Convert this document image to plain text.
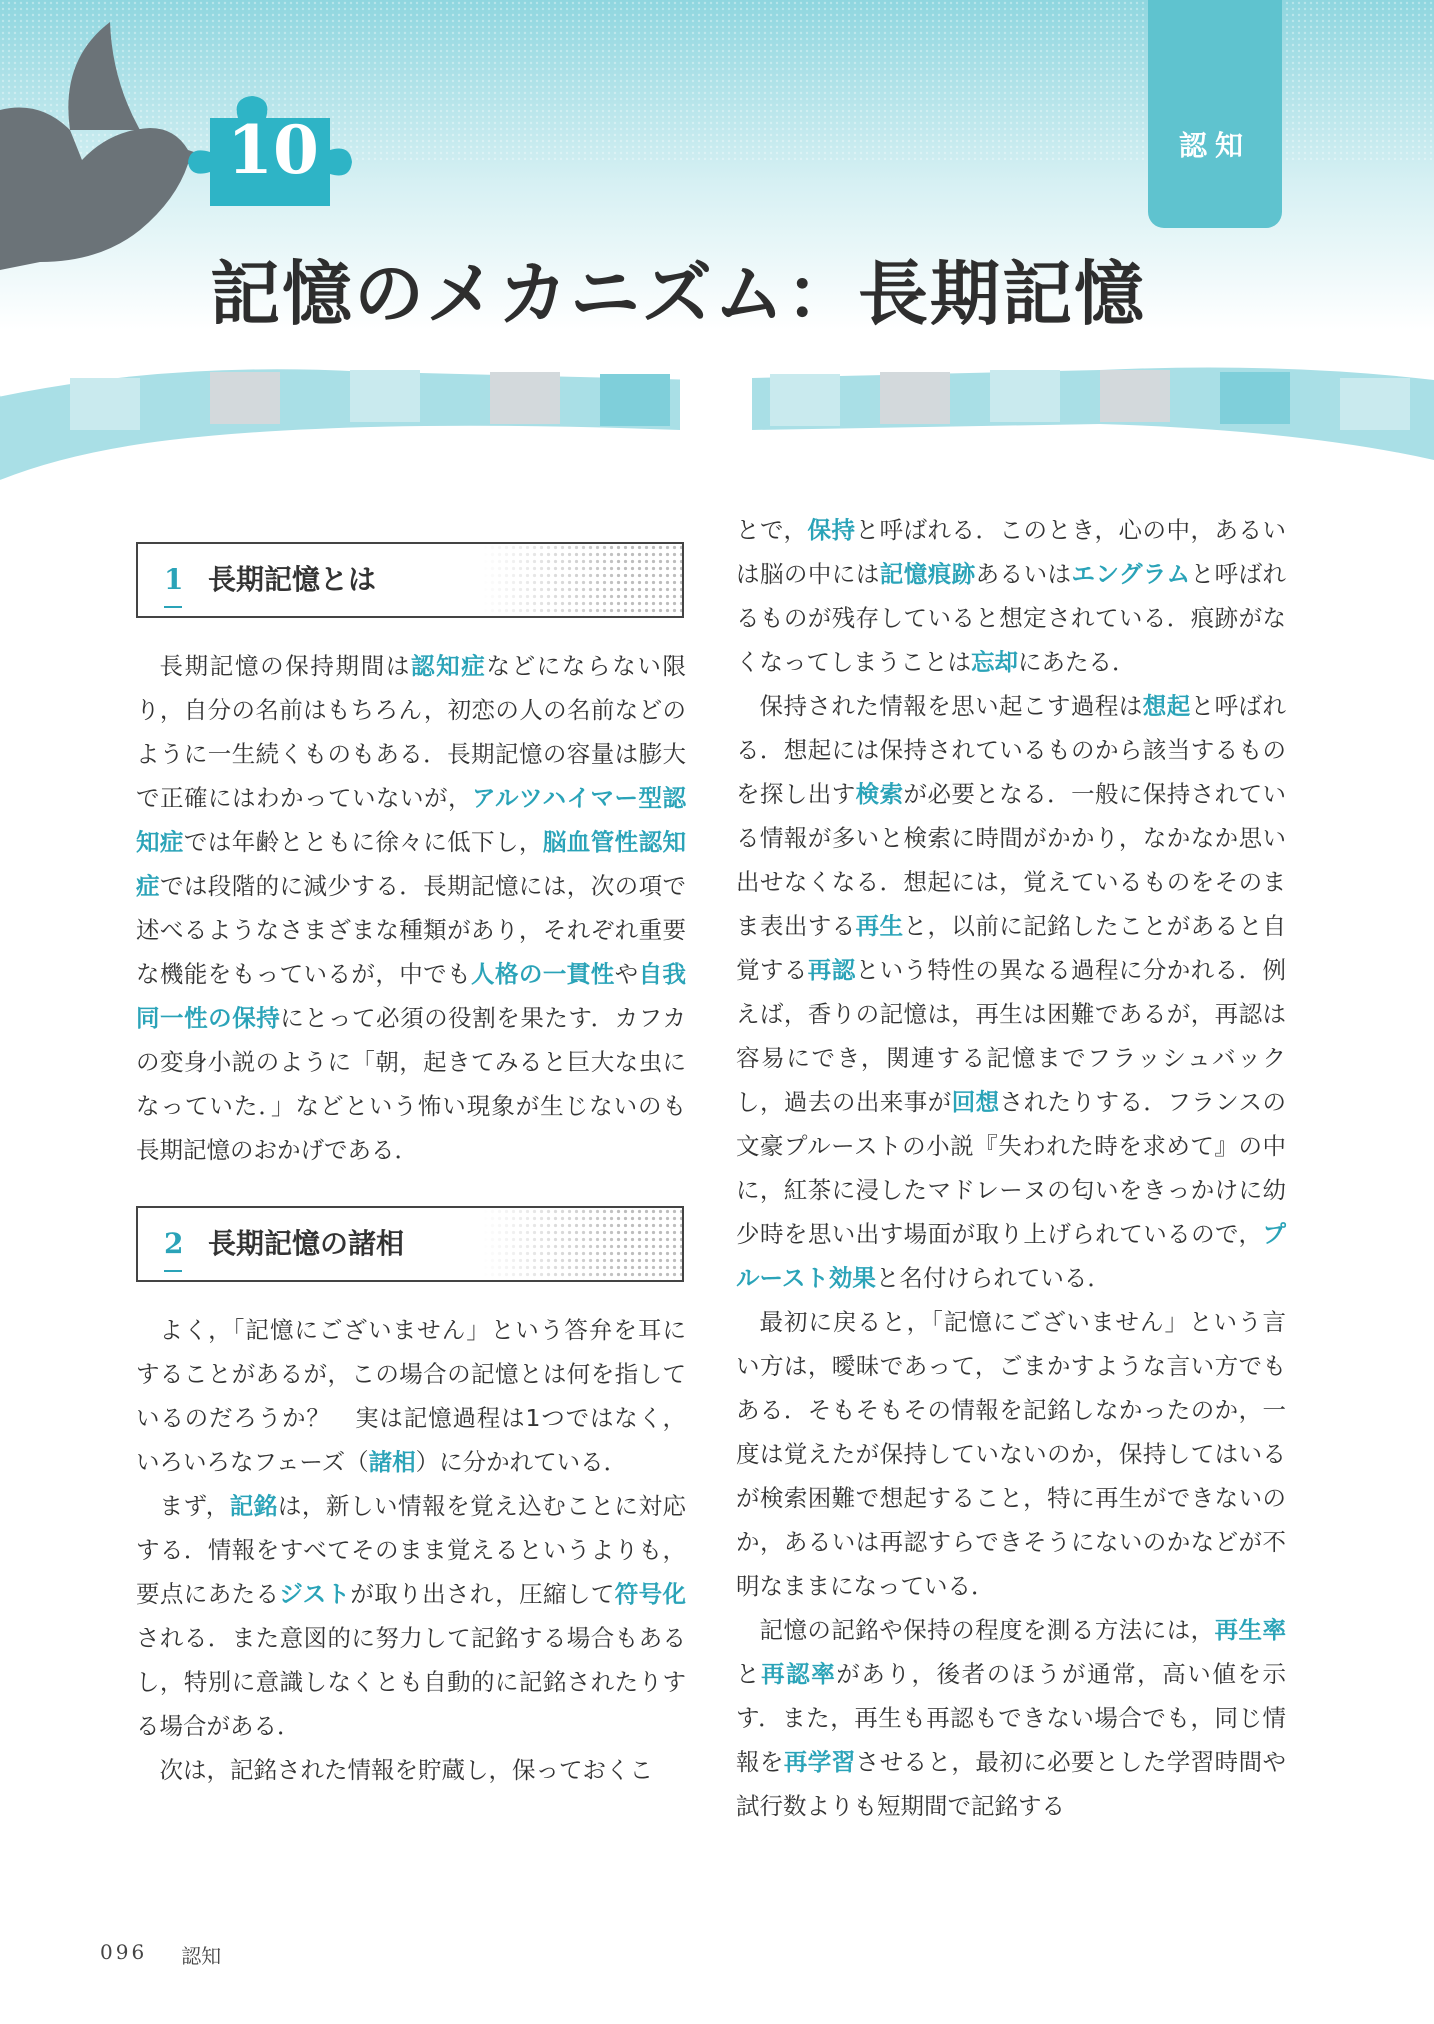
認知
10
記憶のメカニズム：長期記憶
1 長期記憶とは

長期記憶の保持期間は認知症などにならない限り，自分の名前はもちろん，初恋の人の名前などのように一生続くものもある．長期記憶の容量は膨大で正確にはわかっていないが，アルツハイマー型認知症では年齢とともに徐々に低下し，脳血管性認知症では段階的に減少する．長期記憶には，次の項で述べるようなさまざまな種類があり，それぞれ重要な機能をもっているが，中でも人格の一貫性や自我同一性の保持にとって必須の役割を果たす．カフカの変身小説のように「朝，起きてみると巨大な虫になっていた．」などという怖い現象が生じないのも長期記憶のおかげである．

2 長期記憶の諸相

よく，「記憶にございません」という答弁を耳にすることがあるが，この場合の記憶とは何を指しているのだろうか？　実は記憶過程は1つではなく，いろいろなフェーズ（諸相）に分かれている．

まず，記銘は，新しい情報を覚え込むことに対応する．情報をすべてそのまま覚えるというよりも，要点にあたるジストが取り出され，圧縮して符号化される．また意図的に努力して記銘する場合もあるし，特別に意識しなくとも自動的に記銘されたりする場合がある．

次は，記銘された情報を貯蔵し，保っておくこ

とで，保持と呼ばれる．このとき，心の中，あるいは脳の中には記憶痕跡あるいはエングラムと呼ばれるものが残存していると想定されている．痕跡がなくなってしまうことは忘却にあたる．

保持された情報を思い起こす過程は想起と呼ばれる．想起には保持されているものから該当するものを探し出す検索が必要となる．一般に保持されている情報が多いと検索に時間がかかり，なかなか思い出せなくなる．想起には，覚えているものをそのまま表出する再生と，以前に記銘したことがあると自覚する再認という特性の異なる過程に分かれる．例えば，香りの記憶は，再生は困難であるが，再認は容易にでき，関連する記憶までフラッシュバックし，過去の出来事が回想されたりする．フランスの文豪プルーストの小説『失われた時を求めて』の中に，紅茶に浸したマドレーヌの匂いをきっかけに幼少時を思い出す場面が取り上げられているので，プルースト効果と名付けられている．

最初に戻ると，「記憶にございません」という言い方は，曖昧であって，ごまかすような言い方でもある．そもそもその情報を記銘しなかったのか，一度は覚えたが保持していないのか，保持してはいるが検索困難で想起すること，特に再生ができないのか，あるいは再認すらできそうにないのかなどが不明なままになっている．

記憶の記銘や保持の程度を測る方法には，再生率と再認率があり，後者のほうが通常，高い値を示す．また，再生も再認もできない場合でも，同じ情報を再学習させると，最初に必要とした学習時間や試行数よりも短期間で記銘する

096 認知
